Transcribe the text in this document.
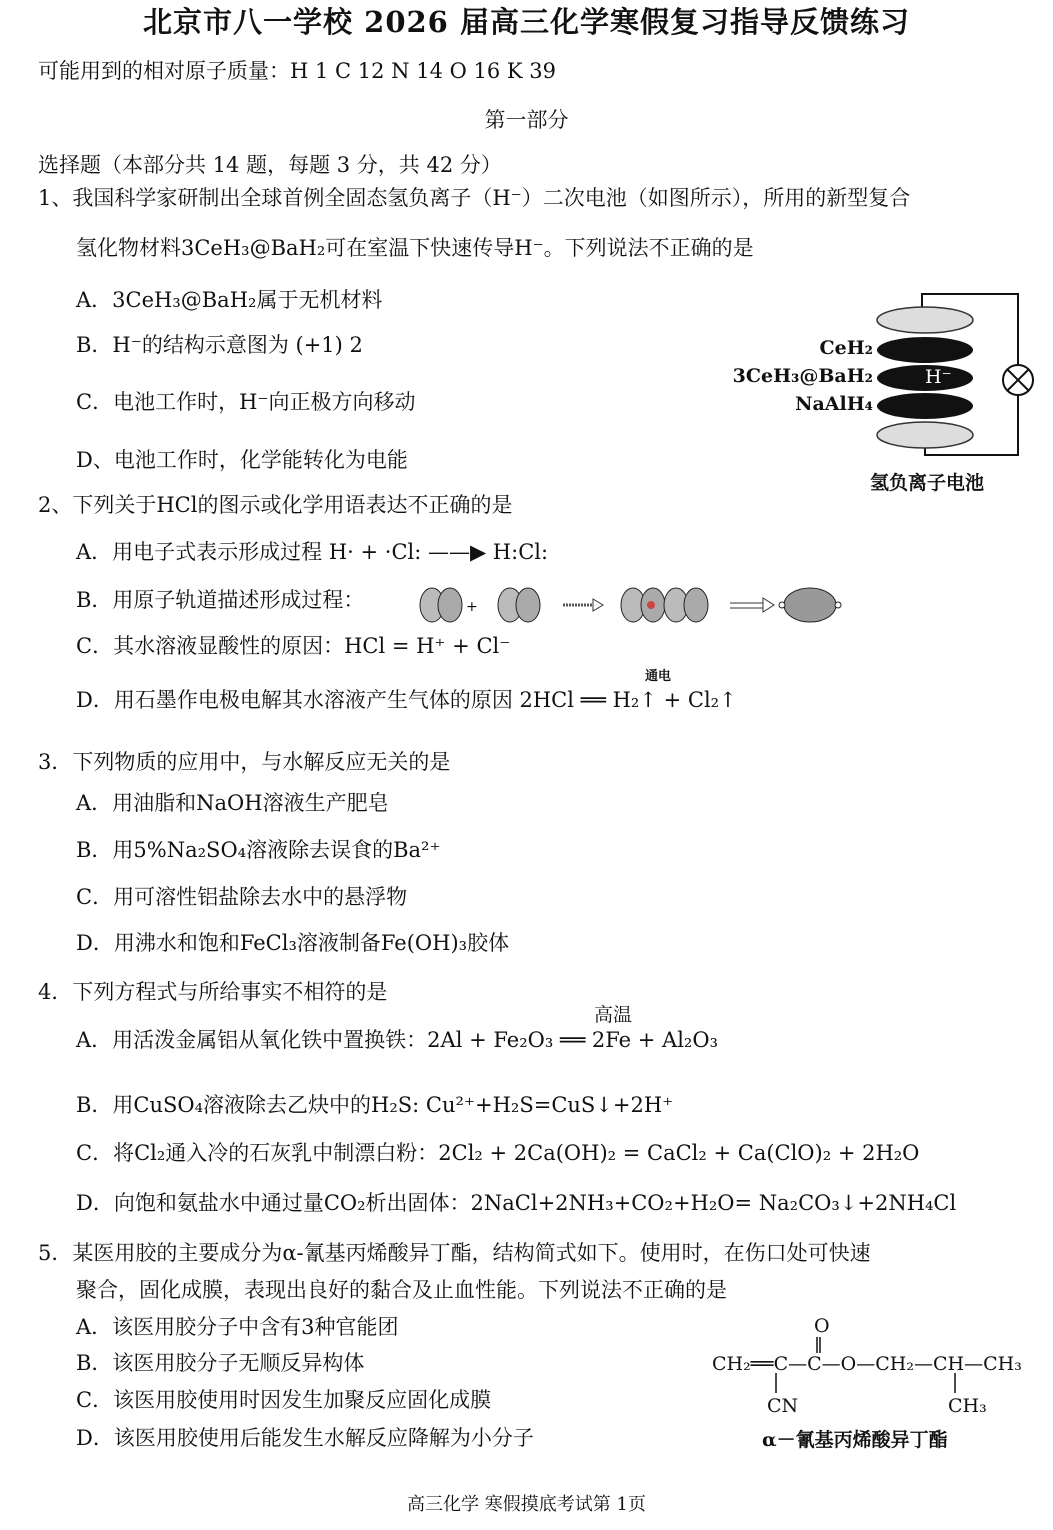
北京市八一学校 2026 届高三化学寒假复习指导反馈练习
可能用到的相对原子质量：H 1 C 12 N 14 O 16 K 39
第一部分
选择题（本部分共 14 题，每题 3 分，共 42 分）
1、我国科学家研制出全球首例全固态氢负离子（H⁻）二次电池（如图所示），所用的新型复合
氢化物材料3CeH₃@BaH₂可在室温下快速传导H⁻。下列说法不正确的是
A．3CeH₃@BaH₂属于无机材料
B．H⁻的结构示意图为 (+1) 2
C．电池工作时，H⁻向正极方向移动
D、电池工作时，化学能转化为电能
CeH₂
3CeH₃@BaH₂
NaAlH₄
H⁻
氢负离子电池
2、下列关于HCl的图示或化学用语表达不正确的是
A．用电子式表示形成过程 H· + ·Cl: ——▶ H:Cl:
B．用原子轨道描述形成过程：	+
C．其水溶液显酸性的原因：HCl = H⁺ + Cl⁻
通电
D．用石墨作电极电解其水溶液产生气体的原因 2HCl ══ H₂↑ + Cl₂↑
3．下列物质的应用中，与水解反应无关的是
A．用油脂和NaOH溶液生产肥皂
B．用5%Na₂SO₄溶液除去误食的Ba²⁺
C．用可溶性铝盐除去水中的悬浮物
D．用沸水和饱和FeCl₃溶液制备Fe(OH)₃胶体
4．下列方程式与所给事实不相符的是
高温
A．用活泼金属铝从氧化铁中置换铁：2Al + Fe₂O₃ ══ 2Fe + Al₂O₃
B．用CuSO₄溶液除去乙炔中的H₂S: Cu²⁺+H₂S=CuS↓+2H⁺
C．将Cl₂通入冷的石灰乳中制漂白粉：2Cl₂ + 2Ca(OH)₂ = CaCl₂ + Ca(ClO)₂ + 2H₂O
D．向饱和氨盐水中通过量CO₂析出固体：2NaCl+2NH₃+CO₂+H₂O= Na₂CO₃↓+2NH₄Cl
5．某医用胶的主要成分为α-氰基丙烯酸异丁酯，结构简式如下。使用时，在伤口处可快速
聚合，固化成膜，表现出良好的黏合及止血性能。下列说法不正确的是
A．该医用胶分子中含有3种官能团
B．该医用胶分子无顺反异构体
C．该医用胶使用时因发生加聚反应固化成膜
D．该医用胶使用后能发生水解反应降解为小分子
O
CH₂══C—C—O—CH₂—CH—CH₃
CN	CH₃
α－氰基丙烯酸异丁酯
高三化学 寒假摸底考试第 1页
